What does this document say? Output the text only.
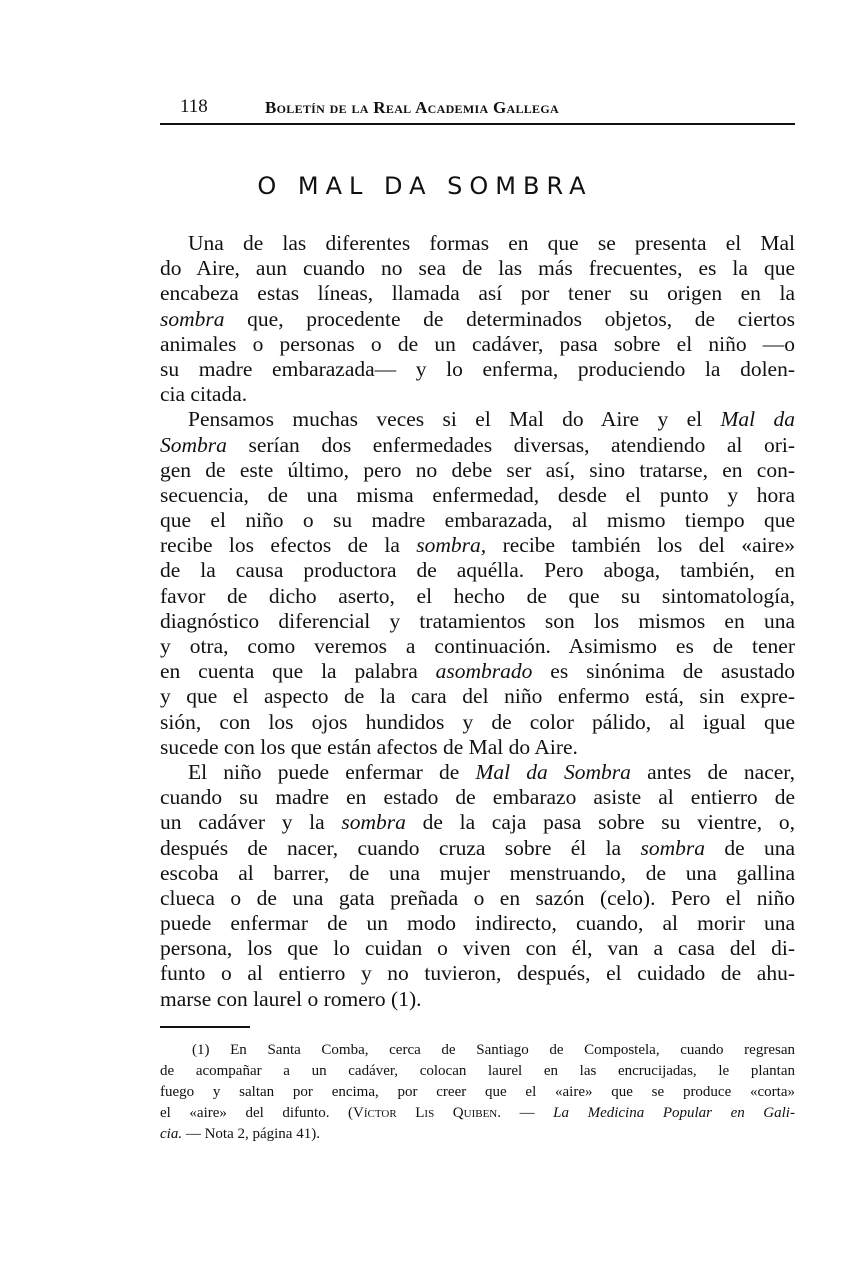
118	Boletín de la Real Academia Gallega
O MAL DA SOMBRA
Una de las diferentes formas en que se presenta el Mal
do Aire, aun cuando no sea de las más frecuentes, es la que
encabeza estas líneas, llamada así por tener su origen en la
sombra que, procedente de determinados objetos, de ciertos
animales o personas o de un cadáver, pasa sobre el niño —o
su madre embarazada— y lo enferma, produciendo la dolen-
cia citada.
Pensamos muchas veces si el Mal do Aire y el Mal da
Sombra serían dos enfermedades diversas, atendiendo al ori-
gen de este último, pero no debe ser así, sino tratarse, en con-
secuencia, de una misma enfermedad, desde el punto y hora
que el niño o su madre embarazada, al mismo tiempo que
recibe los efectos de la sombra, recibe también los del «aire»
de la causa productora de aquélla. Pero aboga, también, en
favor de dicho aserto, el hecho de que su sintomatología,
diagnóstico diferencial y tratamientos son los mismos en una
y otra, como veremos a continuación. Asimismo es de tener
en cuenta que la palabra asombrado es sinónima de asustado
y que el aspecto de la cara del niño enfermo está, sin expre-
sión, con los ojos hundidos y de color pálido, al igual que
sucede con los que están afectos de Mal do Aire.
El niño puede enfermar de Mal da Sombra antes de nacer,
cuando su madre en estado de embarazo asiste al entierro de
un cadáver y la sombra de la caja pasa sobre su vientre, o,
después de nacer, cuando cruza sobre él la sombra de una
escoba al barrer, de una mujer menstruando, de una gallina
clueca o de una gata preñada o en sazón (celo). Pero el niño
puede enfermar de un modo indirecto, cuando, al morir una
persona, los que lo cuidan o viven con él, van a casa del di-
funto o al entierro y no tuvieron, después, el cuidado de ahu-
marse con laurel o romero (1).
(1) En Santa Comba, cerca de Santiago de Compostela, cuando regresan
de acompañar a un cadáver, colocan laurel en las encrucijadas, le plantan
fuego y saltan por encima, por creer que el «aire» que se produce «corta»
el «aire» del difunto. (Víctor Lis Quiben. — La Medicina Popular en Gali-
cia. — Nota 2, página 41).
